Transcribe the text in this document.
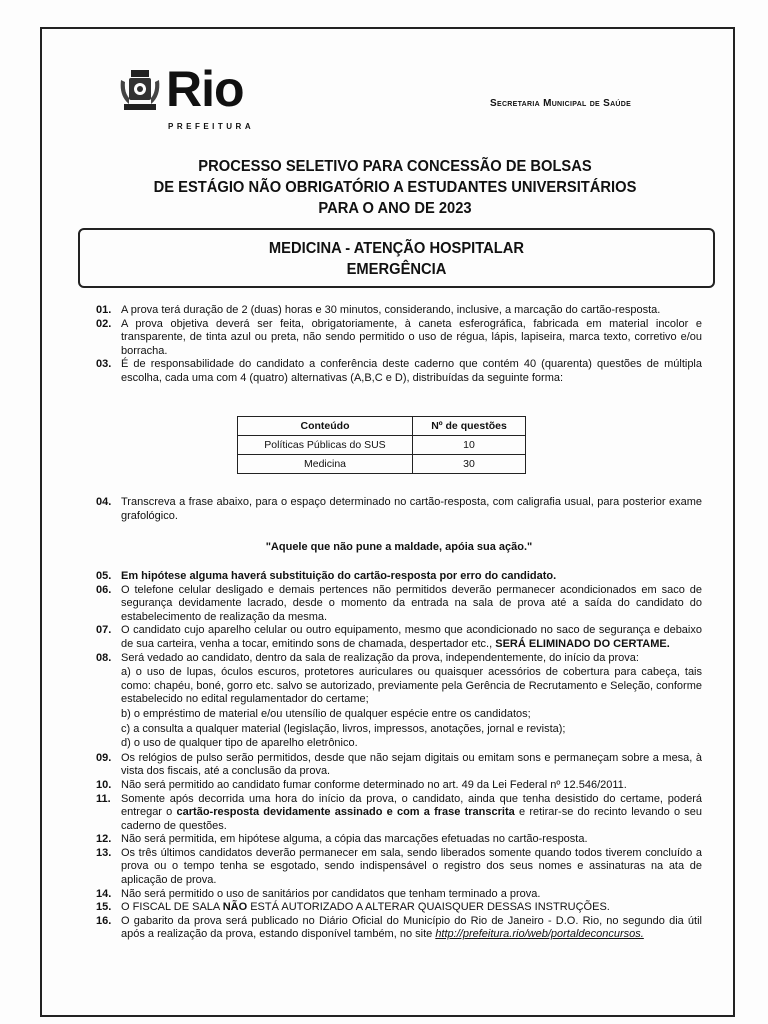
Rio
PREFEITURA
Secretaria Municipal de Saúde
PROCESSO SELETIVO PARA CONCESSÃO DE BOLSAS
DE ESTÁGIO NÃO OBRIGATÓRIO A ESTUDANTES UNIVERSITÁRIOS
PARA O ANO DE 2023
MEDICINA - ATENÇÃO HOSPITALAR
EMERGÊNCIA
01. A prova terá duração de 2 (duas) horas e 30 minutos, considerando, inclusive, a marcação do cartão-resposta.
02. A prova objetiva deverá ser feita, obrigatoriamente, à caneta esferográfica, fabricada em material incolor e transparente, de tinta azul ou preta, não sendo permitido o uso de régua, lápis, lapiseira, marca texto, corretivo e/ou borracha.
03. É de responsabilidade do candidato a conferência deste caderno que contém 40 (quarenta) questões de múltipla escolha, cada uma com 4 (quatro) alternativas (A,B,C e D), distribuídas da seguinte forma:
Conteúdo	Nº de questões
Políticas Públicas do SUS	10
Medicina	30
04. Transcreva a frase abaixo, para o espaço determinado no cartão-resposta, com caligrafia usual, para posterior exame grafológico.
"Aquele que não pune a maldade, apóia sua ação."
05. Em hipótese alguma haverá substituição do cartão-resposta por erro do candidato.
06. O telefone celular desligado e demais pertences não permitidos deverão permanecer acondicionados em saco de segurança devidamente lacrado, desde o momento da entrada na sala de prova até a saída do candidato do estabelecimento de realização da mesma.
07. O candidato cujo aparelho celular ou outro equipamento, mesmo que acondicionado no saco de segurança e debaixo de sua carteira, venha a tocar, emitindo sons de chamada, despertador etc., SERÁ ELIMINADO DO CERTAME.
08. Será vedado ao candidato, dentro da sala de realização da prova, independentemente, do início da prova:
a) o uso de lupas, óculos escuros, protetores auriculares ou quaisquer acessórios de cobertura para cabeça, tais como: chapéu, boné, gorro etc. salvo se autorizado, previamente pela Gerência de Recrutamento e Seleção, conforme estabelecido no edital regulamentador do certame;
b) o empréstimo de material e/ou utensílio de qualquer espécie entre os candidatos;
c) a consulta a qualquer material (legislação, livros, impressos, anotações, jornal e revista);
d) o uso de qualquer tipo de aparelho eletrônico.
09. Os relógios de pulso serão permitidos, desde que não sejam digitais ou emitam sons e permaneçam sobre a mesa, à vista dos fiscais, até a conclusão da prova.
10. Não será permitido ao candidato fumar conforme determinado no art. 49 da Lei Federal nº 12.546/2011.
11. Somente após decorrida uma hora do início da prova, o candidato, ainda que tenha desistido do certame, poderá entregar o cartão-resposta devidamente assinado e com a frase transcrita e retirar-se do recinto levando o seu caderno de questões.
12. Não será permitida, em hipótese alguma, a cópia das marcações efetuadas no cartão-resposta.
13. Os três últimos candidatos deverão permanecer em sala, sendo liberados somente quando todos tiverem concluído a prova ou o tempo tenha se esgotado, sendo indispensável o registro dos seus nomes e assinaturas na ata de aplicação de prova.
14. Não será permitido o uso de sanitários por candidatos que tenham terminado a prova.
15. O FISCAL DE SALA NÃO ESTÁ AUTORIZADO A ALTERAR QUAISQUER DESSAS INSTRUÇÕES.
16. O gabarito da prova será publicado no Diário Oficial do Município do Rio de Janeiro - D.O. Rio, no segundo dia útil após a realização da prova, estando disponível também, no site http://prefeitura.rio/web/portaldeconcursos.
